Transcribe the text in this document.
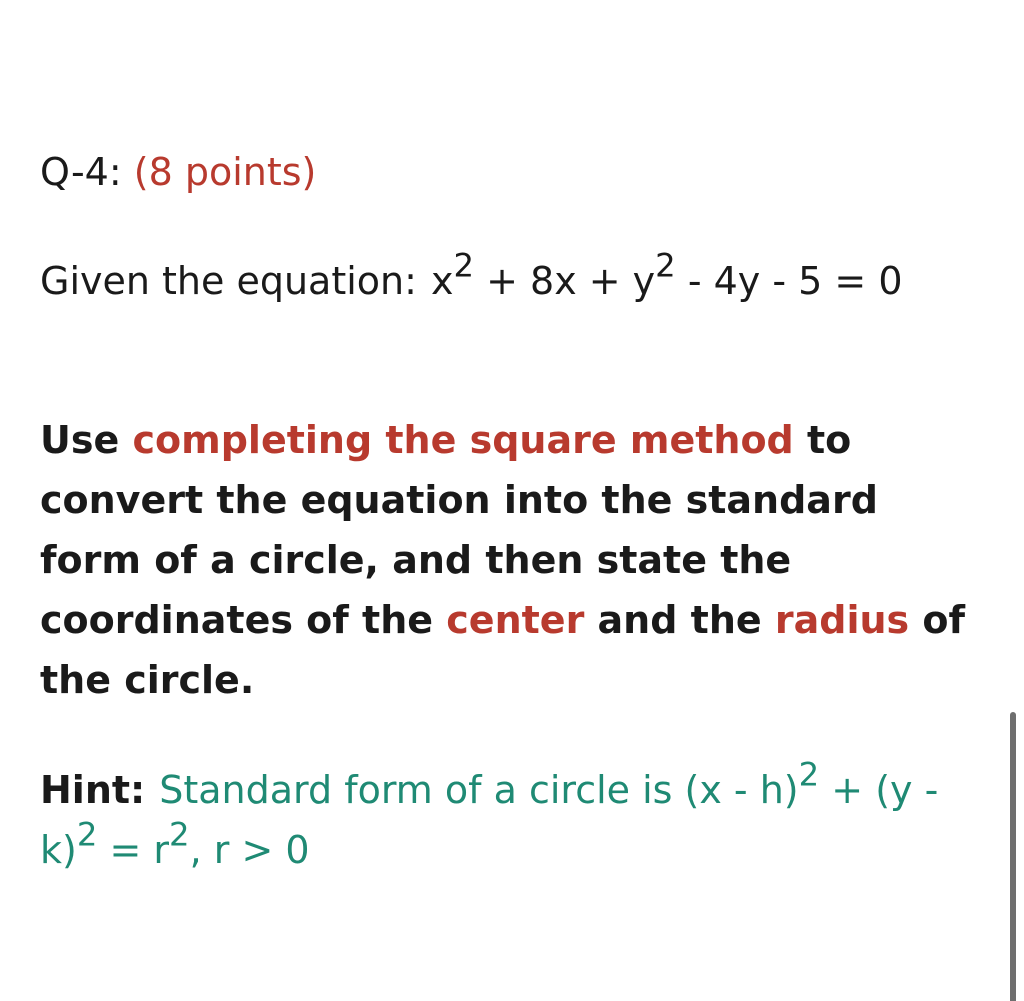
Q-4: (8 points)
Given the equation: $x^2 + 8x + y^2 - 4y - 5 = 0$
Use completing the square method to convert the equation into the standard form of a circle, and then state the coordinates of the center and the radius of the circle.
Hint: Standard form of a circle is $(x - h)^2 + (y - k)^2 = r^2$, r > 0
